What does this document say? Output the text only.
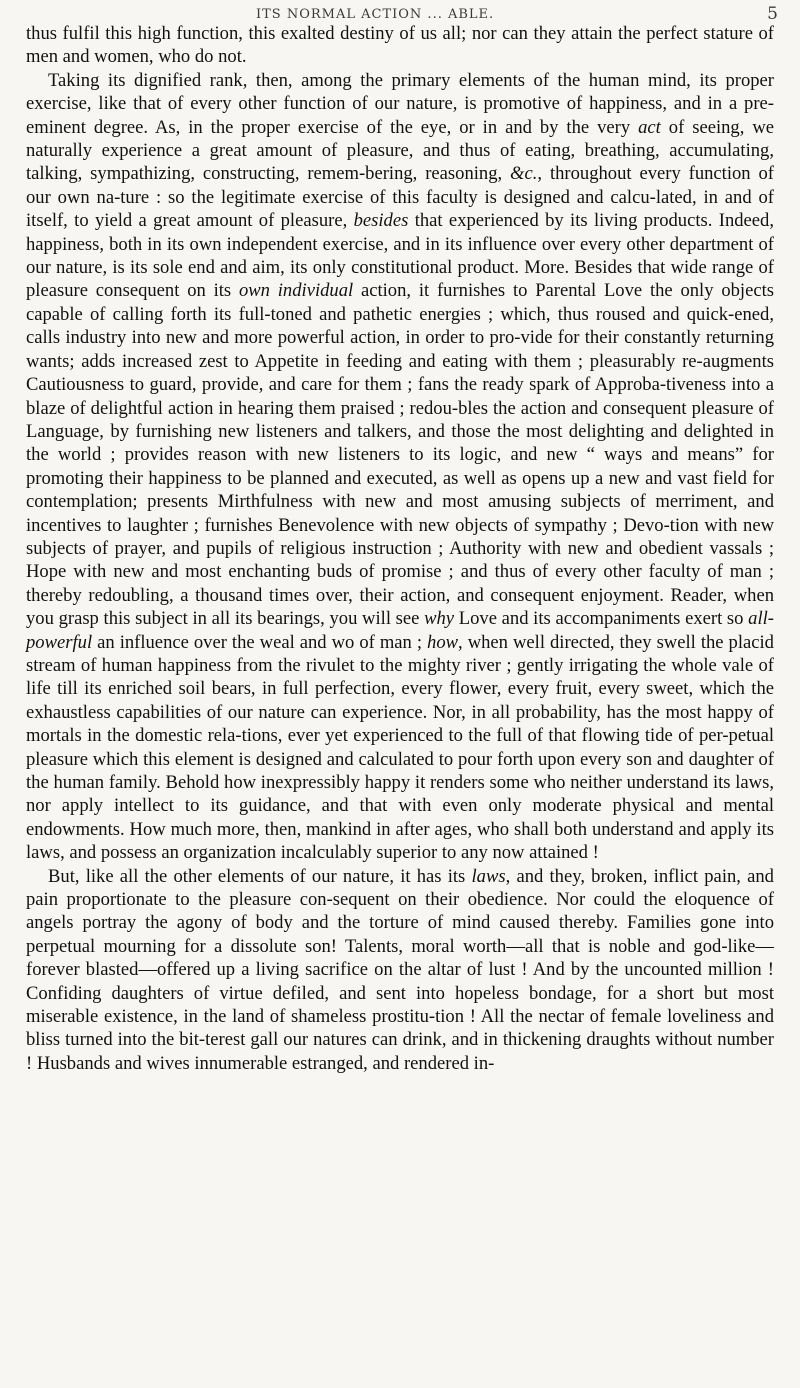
ITS NORMAL ACTION ... ABLE.	5

thus fulfil this high function, this exalted destiny of us all; nor can they attain the perfect stature of men and women, who do not.

Taking its dignified rank, then, among the primary elements of the human mind, its proper exercise, like that of every other function of our nature, is promotive of happiness, and in a pre-eminent degree. As, in the proper exercise of the eye, or in and by the very act of seeing, we naturally experience a great amount of pleasure, and thus of eating, breathing, accumulating, talking, sympathizing, constructing, remem-bering, reasoning, &c., throughout every function of our own na-ture : so the legitimate exercise of this faculty is designed and calcu-lated, in and of itself, to yield a great amount of pleasure, besides that experienced by its living products. Indeed, happiness, both in its own independent exercise, and in its influence over every other department of our nature, is its sole end and aim, its only constitutional product. More. Besides that wide range of pleasure consequent on its own individual action, it furnishes to Parental Love the only objects capable of calling forth its full-toned and pathetic energies ; which, thus roused and quick-ened, calls industry into new and more powerful action, in order to pro-vide for their constantly returning wants; adds increased zest to Appetite in feeding and eating with them ; pleasurably re-augments Cautiousness to guard, provide, and care for them ; fans the ready spark of Approba-tiveness into a blaze of delightful action in hearing them praised ; redou-bles the action and consequent pleasure of Language, by furnishing new listeners and talkers, and those the most delighting and delighted in the world ; provides reason with new listeners to its logic, and new “ ways and means” for promoting their happiness to be planned and executed, as well as opens up a new and vast field for contemplation; presents Mirthfulness with new and most amusing subjects of merriment, and incentives to laughter ; furnishes Benevolence with new objects of sympathy ; Devo-tion with new subjects of prayer, and pupils of religious instruction ; Authority with new and obedient vassals ; Hope with new and most enchanting buds of promise ; and thus of every other faculty of man ; thereby redoubling, a thousand times over, their action, and consequent enjoyment. Reader, when you grasp this subject in all its bearings, you will see why Love and its accompaniments exert so all-powerful an influence over the weal and wo of man ; how, when well directed, they swell the placid stream of human happiness from the rivulet to the mighty river ; gently irrigating the whole vale of life till its enriched soil bears, in full perfection, every flower, every fruit, every sweet, which the exhaustless capabilities of our nature can experience. Nor, in all probability, has the most happy of mortals in the domestic rela-tions, ever yet experienced to the full of that flowing tide of per-petual pleasure which this element is designed and calculated to pour forth upon every son and daughter of the human family. Behold how inexpressibly happy it renders some who neither understand its laws, nor apply intellect to its guidance, and that with even only moderate physical and mental endowments. How much more, then, mankind in after ages, who shall both understand and apply its laws, and possess an organization incalculably superior to any now attained !

But, like all the other elements of our nature, it has its laws, and they, broken, inflict pain, and pain proportionate to the pleasure con-sequent on their obedience. Nor could the eloquence of angels portray the agony of body and the torture of mind caused thereby. Families gone into perpetual mourning for a dissolute son! Talents, moral worth—all that is noble and god-like—forever blasted—offered up a living sacrifice on the altar of lust ! And by the uncounted million ! Confiding daughters of virtue defiled, and sent into hopeless bondage, for a short but most miserable existence, in the land of shameless prostitu-tion ! All the nectar of female loveliness and bliss turned into the bit-terest gall our natures can drink, and in thickening draughts without number ! Husbands and wives innumerable estranged, and rendered in-
